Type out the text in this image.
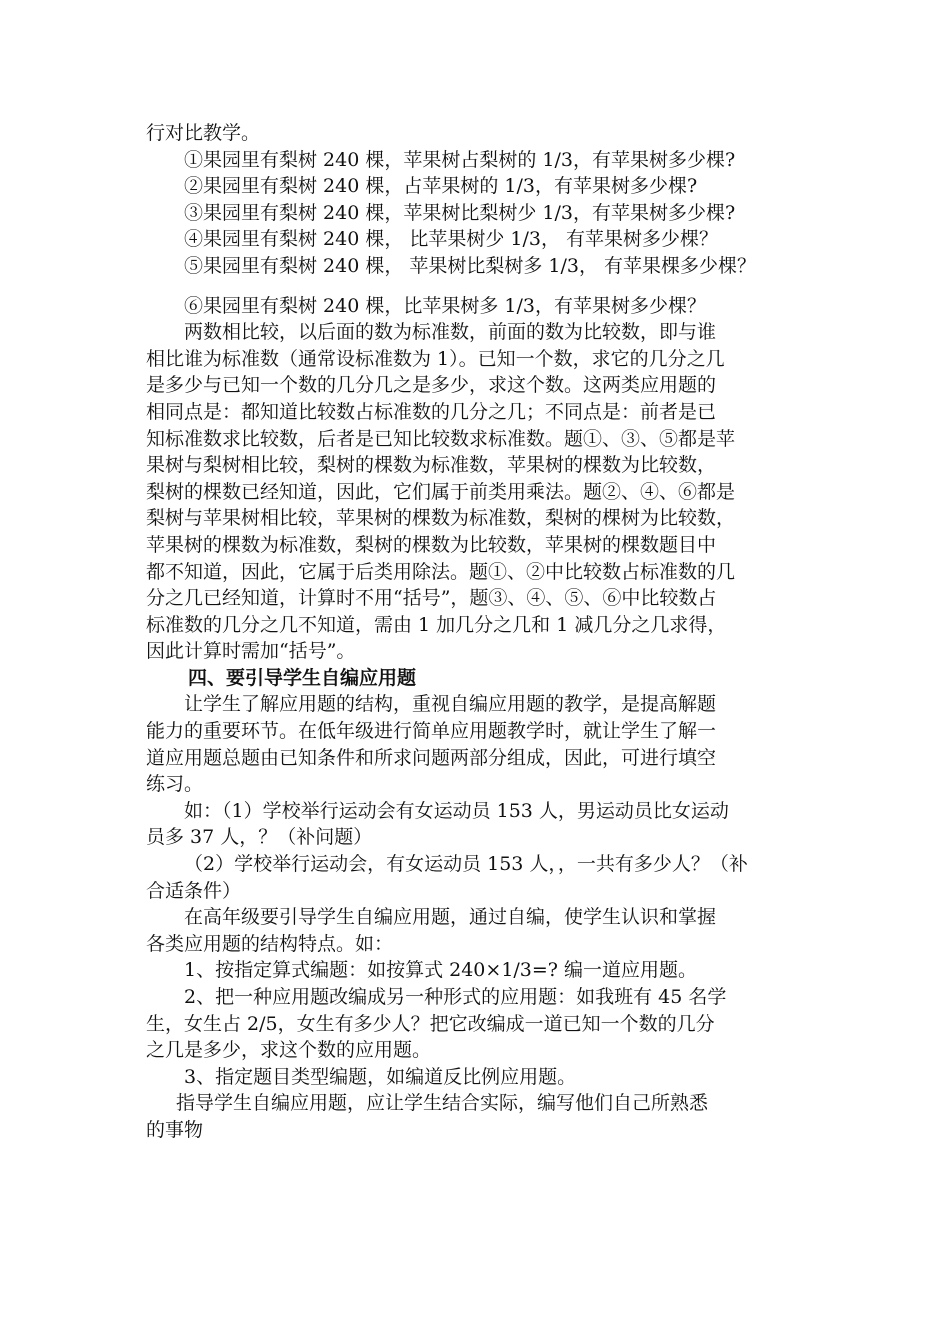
行对比教学。
①果园里有梨树 240 棵，苹果树占梨树的 1/3，有苹果树多少棵?
②果园里有梨树 240 棵，占苹果树的 1/3，有苹果树多少棵?
③果园里有梨树 240 棵，苹果树比梨树少 1/3，有苹果树多少棵?
④果园里有梨树 240 棵， 比苹果树少 1/3， 有苹果树多少棵？
⑤果园里有梨树 240 棵， 苹果树比梨树多 1/3， 有苹果棵多少棵？
⑥果园里有梨树 240 棵，比苹果树多 1/3，有苹果树多少棵？
两数相比较，以后面的数为标准数，前面的数为比较数，即与谁
相比谁为标准数（通常设标准数为 1）。已知一个数，求它的几分之几
是多少与已知一个数的几分几之是多少，求这个数。这两类应用题的
相同点是：都知道比较数占标准数的几分之几；不同点是：前者是已
知标准数求比较数，后者是已知比较数求标准数。题①、③、⑤都是苹
果树与梨树相比较，梨树的棵数为标准数，苹果树的棵数为比较数，
梨树的棵数已经知道，因此，它们属于前类用乘法。题②、④、⑥都是
梨树与苹果树相比较，苹果树的棵数为标准数，梨树的棵树为比较数，
苹果树的棵数为标准数，梨树的棵数为比较数，苹果树的棵数题目中
都不知道，因此，它属于后类用除法。题①、②中比较数占标准数的几
分之几已经知道，计算时不用“括号”，题③、④、⑤、⑥中比较数占
标准数的几分之几不知道，需由 1 加几分之几和 1 减几分之几求得，
因此计算时需加“括号”。
四、要引导学生自编应用题
让学生了解应用题的结构，重视自编应用题的教学，是提高解题
能力的重要环节。在低年级进行简单应用题教学时，就让学生了解一
道应用题总题由已知条件和所求问题两部分组成，因此，可进行填空
练习。
如：（1）学校举行运动会有女运动员 153 人，男运动员比女运动
员多 37 人，？（补问题）
（2）学校举行运动会，有女运动员 153 人，，一共有多少人？（补
合适条件）
在高年级要引导学生自编应用题，通过自编，使学生认识和掌握
各类应用题的结构特点。如：
1、按指定算式编题：如按算式 240×1/3=? 编一道应用题。
2、把一种应用题改编成另一种形式的应用题：如我班有 45 名学
生，女生占 2/5，女生有多少人？把它改编成一道已知一个数的几分
之几是多少，求这个数的应用题。
3、指定题目类型编题，如编道反比例应用题。
指导学生自编应用题，应让学生结合实际，编写他们自己所熟悉
的事物
